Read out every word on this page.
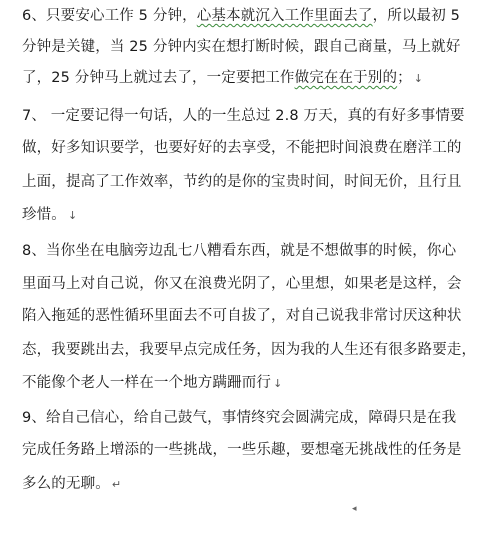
6、只要安心工作 5 分钟，心基本就沉入工作里面去了，所以最初 5
分钟是关键，当 25 分钟内实在想打断时候，跟自己商量，马上就好
了，25 分钟马上就过去了，一定要把工作做完在在于别的； ↓
7、 一定要记得一句话，人的一生总过 2.8 万天，真的有好多事情要
做，好多知识要学，也要好好的去享受，不能把时间浪费在磨洋工的
上面，提高了工作效率，节约的是你的宝贵时间，时间无价，且行且
珍惜。 ↓
8、当你坐在电脑旁边乱七八糟看东西，就是不想做事的时候，你心
里面马上对自己说，你又在浪费光阴了，心里想，如果老是这样，会
陷入拖延的恶性循环里面去不可自拔了，对自己说我非常讨厌这种状
态，我要跳出去，我要早点完成任务，因为我的人生还有很多路要走，
不能像个老人一样在一个地方蹒跚而行 ↓
9、给自己信心，给自己鼓气，事情终究会圆满完成，障碍只是在我
完成任务路上增添的一些挑战，一些乐趣，要想毫无挑战性的任务是
多么的无聊。 ↵
◂
